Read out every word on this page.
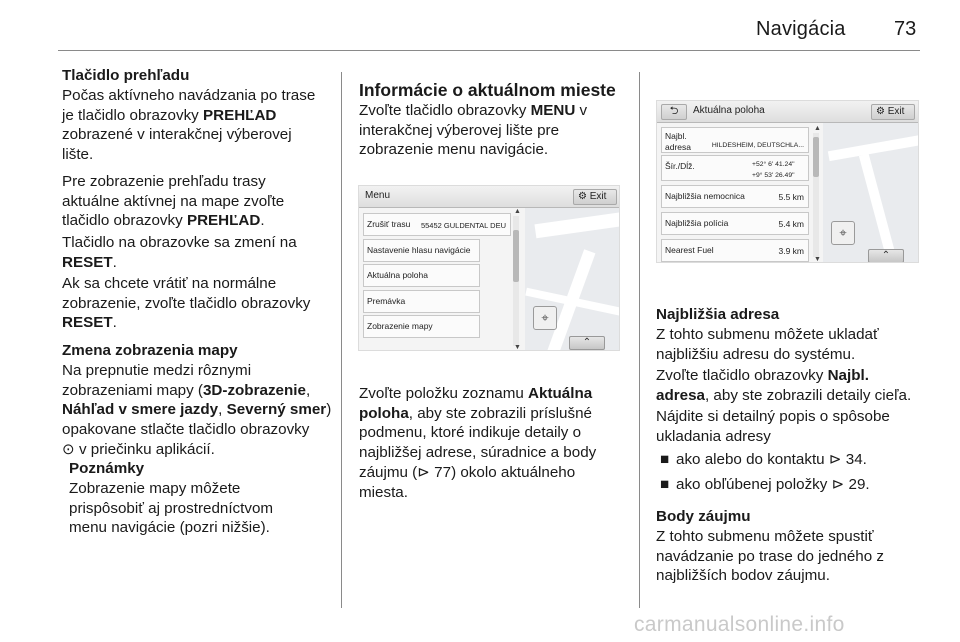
Navigácia 73
Tlačidlo prehľadu
Počas aktívneho navádzania po trase
je tlačidlo obrazovky PREHĽAD
zobrazené v interakčnej výberovej
lište.
Pre zobrazenie prehľadu trasy
aktuálne aktívnej na mape zvoľte
tlačidlo obrazovky PREHĽAD.
Tlačidlo na obrazovke sa zmení na
RESET.
Ak sa chcete vrátiť na normálne
zobrazenie, zvoľte tlačidlo obrazovky
RESET.
Zmena zobrazenia mapy
Na prepnutie medzi rôznymi
zobrazeniami mapy (3D-zobrazenie,
Náhľad v smere jazdy, Severný smer)
opakovane stlačte tlačidlo obrazovky
⊙ v priečinku aplikácií.
Poznámky
Zobrazenie mapy môžete
prispôsobiť aj prostredníctvom
menu navigácie (pozri nižšie).
Informácie o aktuálnom mieste
Zvoľte tlačidlo obrazovky MENU v
interakčnej výberovej lište pre
zobrazenie menu navigácie.
Menu	⚙ Exit
Zrušiť trasu 55452 GULDENTAL DEU
Nastavenie hlasu navigácie
Aktuálna poloha
Premávka
Zobrazenie mapy
▲
▼
⌖
⌃
Zvoľte položku zoznamu Aktuálna
poloha, aby ste zobrazili príslušné
podmenu, ktoré indikuje detaily o
najbližšej adrese, súradnice a body
záujmu (⊳ 77) okolo aktuálneho
miesta.
⮌	Aktuálna poloha	⚙ Exit
Najbl. adresa	HILDESHEIM, DEUTSCHLA...
Šír./Dĺž.	+52° 6' 41.24" +9° 53' 26.49"
Najbližšia nemocnica	5.5 km
Najbližšia polícia	5.4 km
Nearest Fuel	3.9 km
▲
▼
⌖
⌃
Najbližšia adresa
Z tohto submenu môžete ukladať
najbližšiu adresu do systému.
Zvoľte tlačidlo obrazovky Najbl.
adresa, aby ste zobrazili detaily cieľa.
Nájdite si detailný popis o spôsobe
ukladania adresy
■ ako alebo do kontaktu ⊳ 34.
■ ako obľúbenej položky ⊳ 29.
Body záujmu
Z tohto submenu môžete spustiť
navádzanie po trase do jedného z
najbližších bodov záujmu.
carmanualsonline.info
